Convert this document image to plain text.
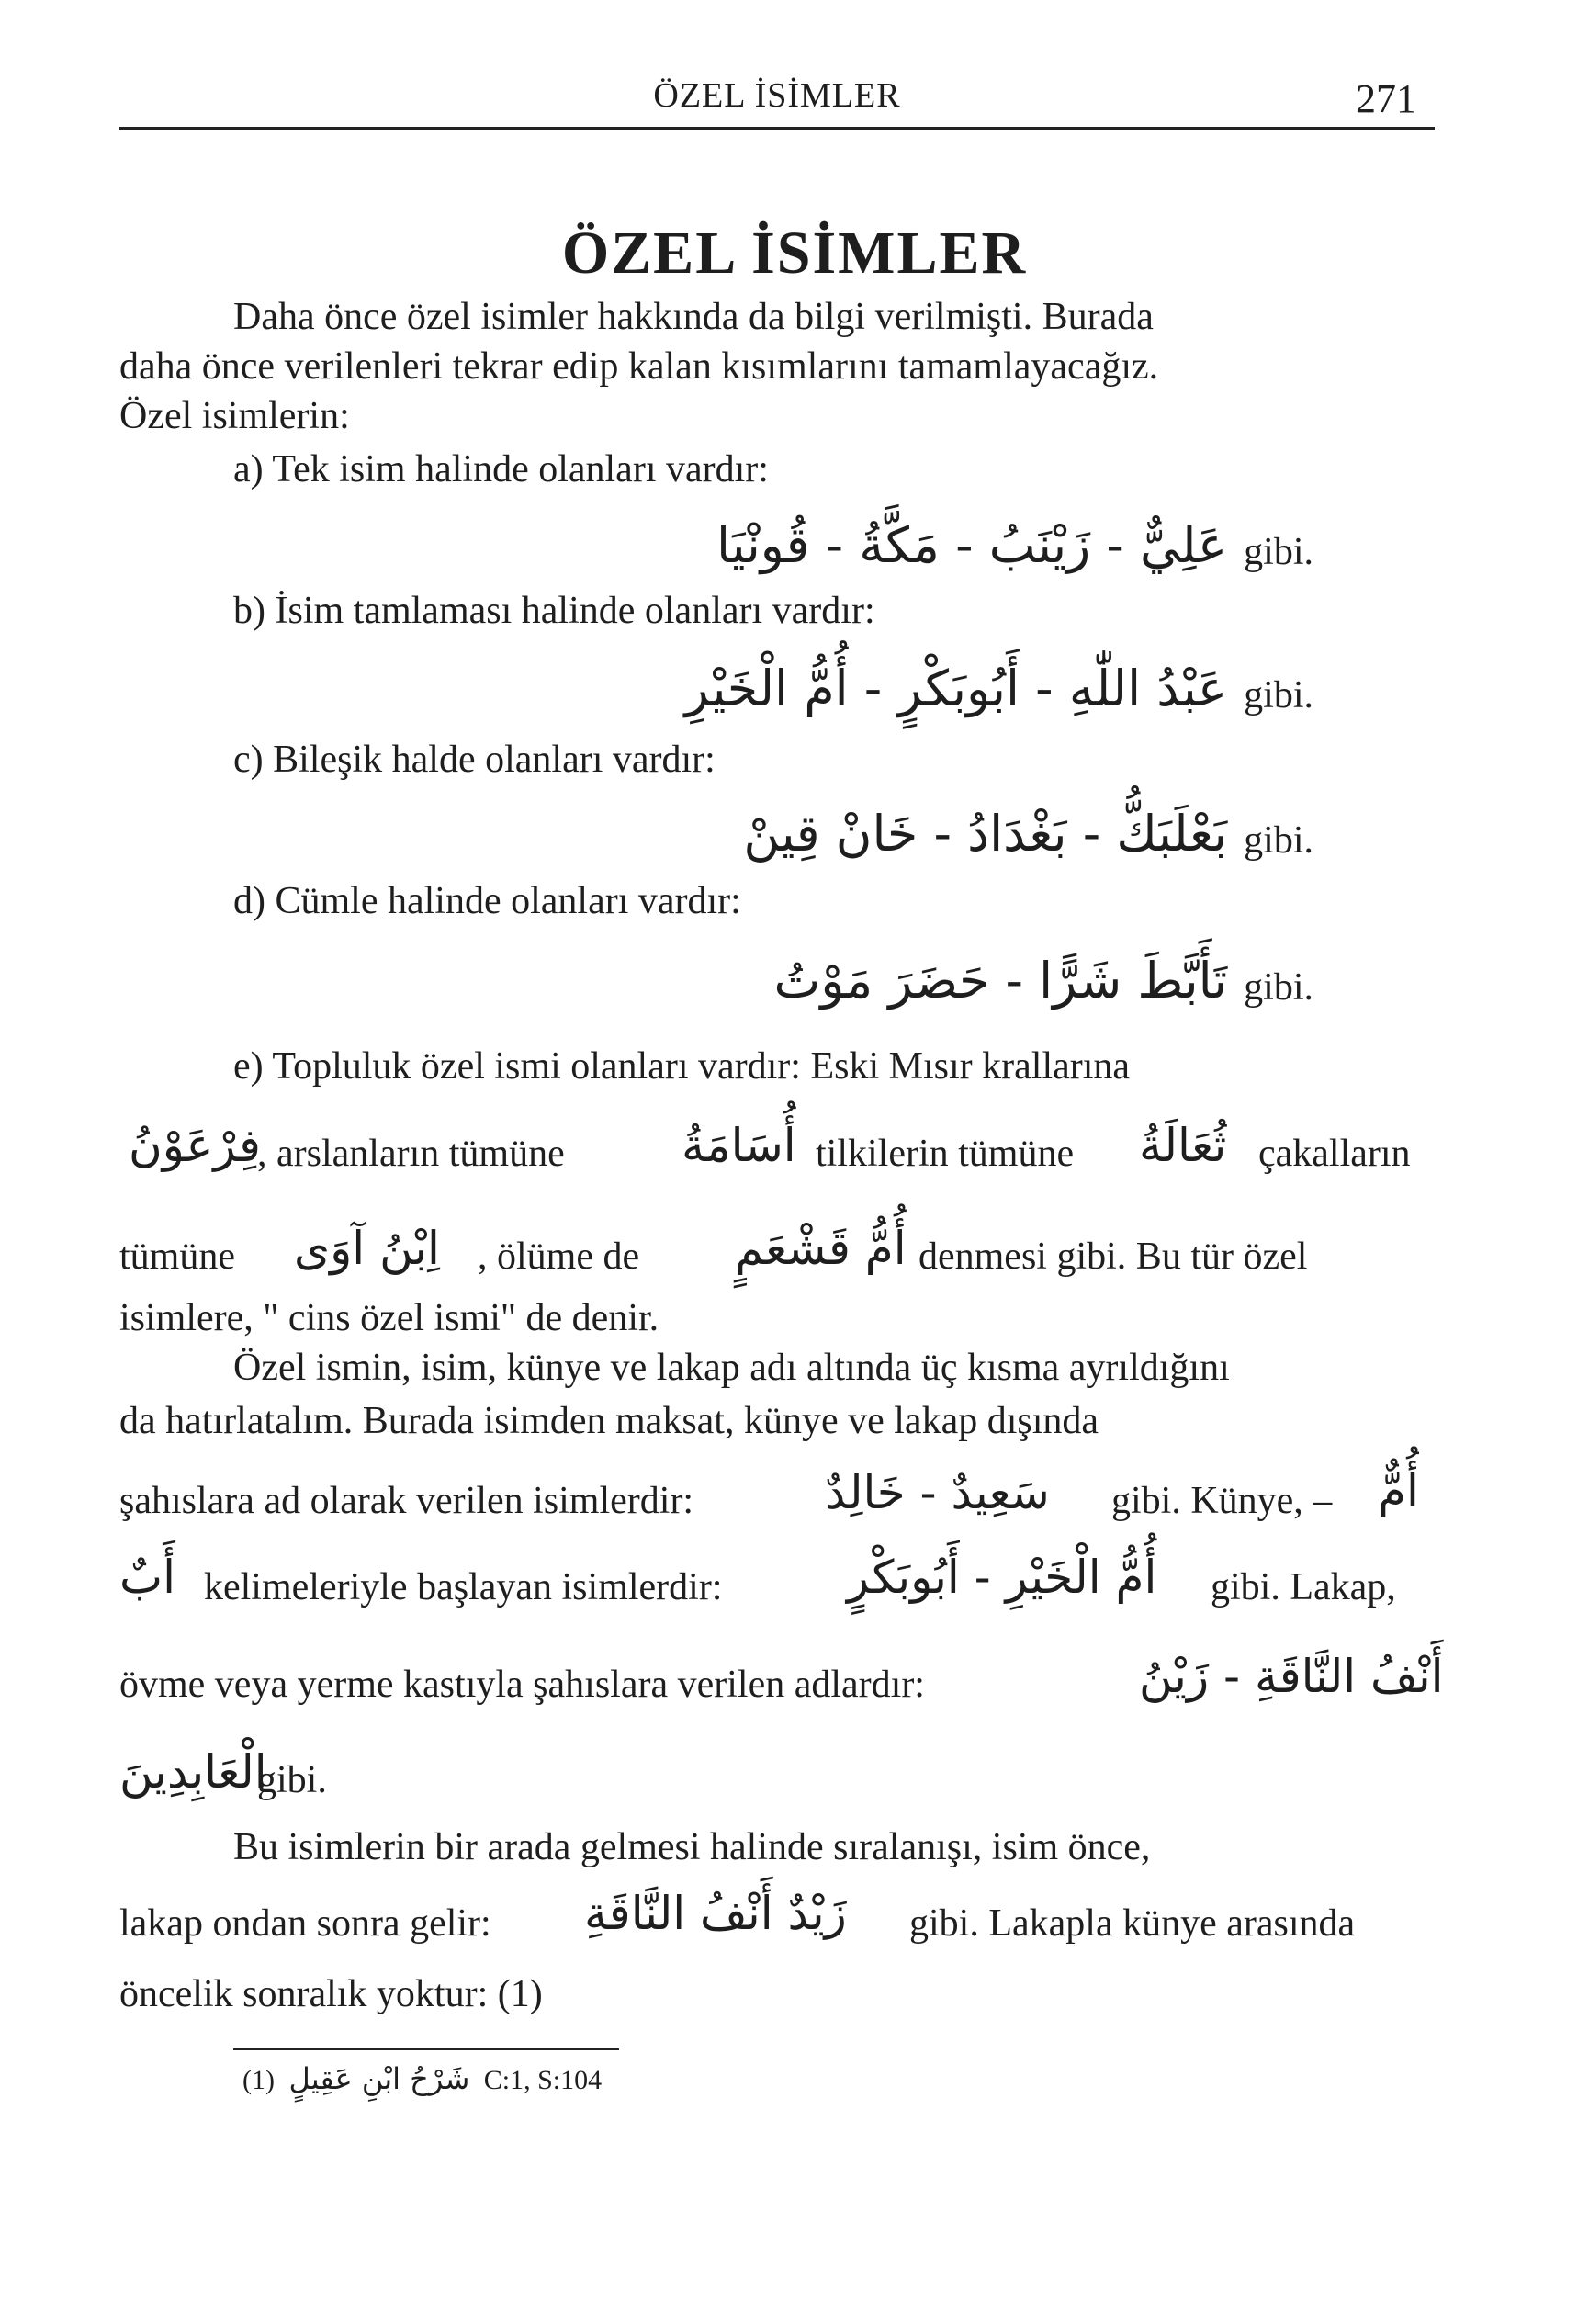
ÖZEL İSİMLER	271
ÖZEL İSİMLER
Daha önce özel isimler hakkında da bilgi verilmişti. Burada
daha önce verilenleri tekrar edip kalan kısımlarını tamamlayacağız.
Özel isimlerin:
a) Tek isim halinde olanları vardır:
عَلِيٌّ - زَيْنَبُ - مَكَّةُ - قُونْيَا gibi.
b) İsim tamlaması halinde olanları vardır:
عَبْدُ اللّٰهِ - أَبُوبَكْرٍ - أُمُّ الْخَيْرِ gibi.
c) Bileşik halde olanları vardır:
بَعْلَبَكُّ - بَغْدَادُ - خَانْ قِينْ gibi.
d) Cümle halinde olanları vardır:
تَأَبَّطَ شَرًّا - حَضَرَ مَوْتُ gibi.
e) Topluluk özel ismi olanları vardır: Eski Mısır krallarına
فِرْعَوْنُ
, arslanların tümüne	أُسَامَةُ tilkilerin tümüne ثُعَالَةُ çakalların
tümüne اِبْنُ آوَى , ölüme de أُمُّ قَشْعَمٍ denmesi gibi. Bu tür özel
isimlere, " cins özel ismi" de denir.
Özel ismin, isim, künye ve lakap adı altında üç kısma ayrıldığını
da hatırlatalım. Burada isimden maksat, künye ve lakap dışında
şahıslara ad olarak verilen isimlerdir:	سَعِيدٌ - خَالِدٌ gibi. Künye, – أُمٌّ
أَبٌ kelimeleriyle başlayan isimlerdir:	أُمُّ الْخَيْرِ - أَبُوبَكْرٍ gibi. Lakap,
övme veya yerme kastıyla şahıslara verilen adlardır:	أَنْفُ النَّاقَةِ - زَيْنُ
الْعَابِدِينَ
gibi.
Bu isimlerin bir arada gelmesi halinde sıralanışı, isim önce,
lakap ondan sonra gelir: زَيْدٌ أَنْفُ النَّاقَةِ gibi. Lakapla künye arasında
öncelik sonralık yoktur: (1)
(1) شَرْحُ ابْنِ عَقِيلٍ C:1, S:104
